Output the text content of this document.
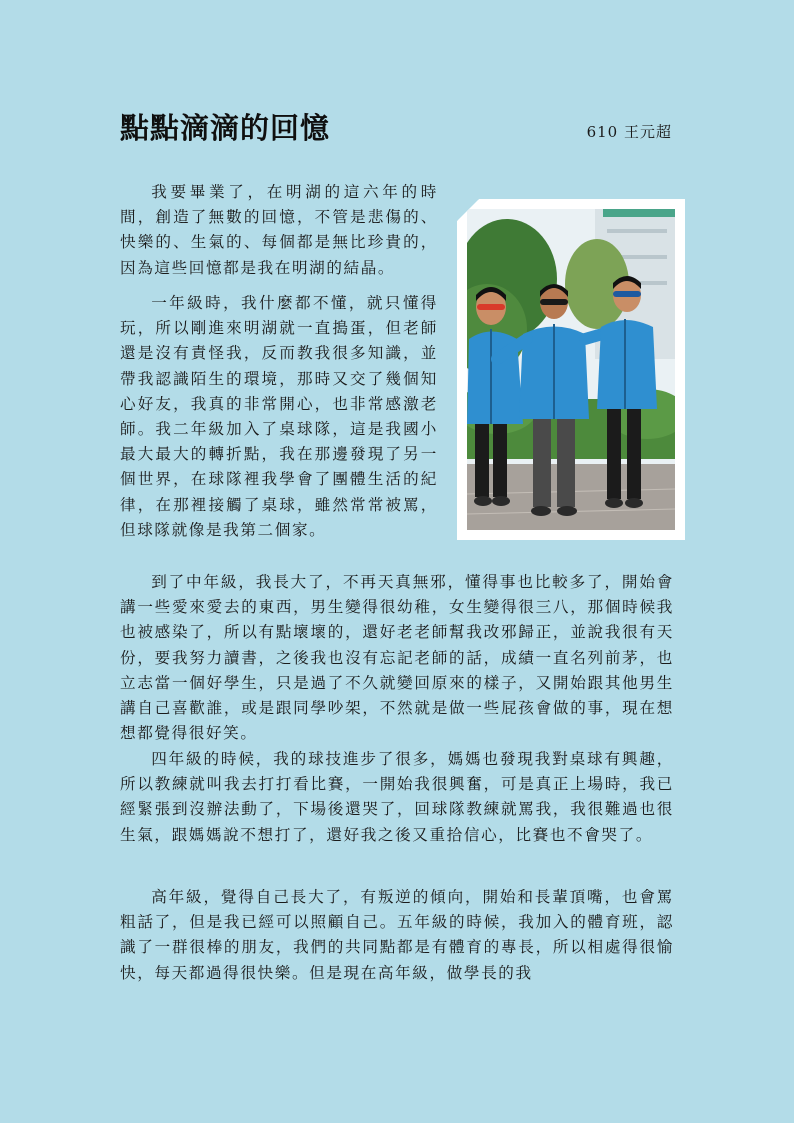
點點滴滴的回憶	610 王元超

我要畢業了，在明湖的這六年的時間，創造了無數的回憶，不管是悲傷的、快樂的、生氣的、每個都是無比珍貴的，因為這些回憶都是我在明湖的結晶。

一年級時，我什麼都不懂，就只懂得玩，所以剛進來明湖就一直搗蛋，但老師還是沒有責怪我，反而教我很多知識，並帶我認識陌生的環境，那時又交了幾個知心好友，我真的非常開心，也非常感激老師。我二年級加入了桌球隊，這是我國小最大最大的轉折點，我在那邊發現了另一個世界，在球隊裡我學會了團體生活的紀律，在那裡接觸了桌球，雖然常常被罵，但球隊就像是我第二個家。

到了中年級，我長大了，不再天真無邪，懂得事也比較多了，開始會講一些愛來愛去的東西，男生變得很幼稚，女生變得很三八，那個時候我也被感染了，所以有點壞壞的，還好老老師幫我改邪歸正，並說我很有天份，要我努力讀書，之後我也沒有忘記老師的話，成績一直名列前茅，也立志當一個好學生，只是過了不久就變回原來的樣子，又開始跟其他男生講自己喜歡誰，或是跟同學吵架，不然就是做一些屁孩會做的事，現在想想都覺得很好笑。

四年級的時候，我的球技進步了很多，媽媽也發現我對桌球有興趣，所以教練就叫我去打打看比賽，一開始我很興奮，可是真正上場時，我已經緊張到沒辦法動了，下場後還哭了，回球隊教練就罵我，我很難過也很生氣，跟媽媽說不想打了，還好我之後又重拾信心，比賽也不會哭了。

高年級，覺得自己長大了，有叛逆的傾向，開始和長輩頂嘴，也會罵粗話了，但是我已經可以照顧自己。五年級的時候，我加入的體育班，認識了一群很棒的朋友，我們的共同點都是有體育的專長，所以相處得很愉快，每天都過得很快樂。但是現在高年級，做學長的我
